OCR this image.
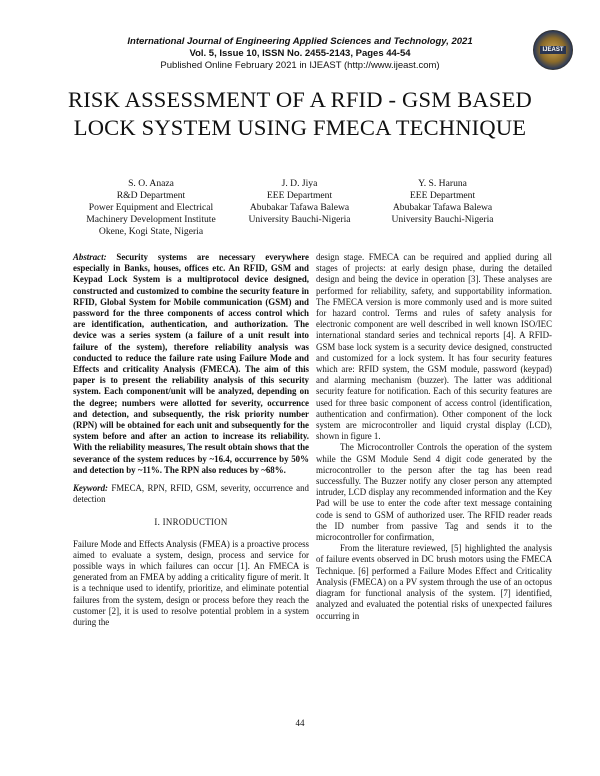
International Journal of Engineering Applied Sciences and Technology, 2021
Vol. 5, Issue 10, ISSN No. 2455-2143, Pages 44-54
Published Online February 2021 in IJEAST (http://www.ijeast.com)
IJEAST
RISK ASSESSMENT OF A RFID - GSM BASED LOCK SYSTEM USING FMECA TECHNIQUE
S. O. Anaza
R&D Department
Power Equipment and Electrical
Machinery Development Institute
Okene, Kogi State, Nigeria
J. D. Jiya
EEE Department
Abubakar Tafawa Balewa
University Bauchi-Nigeria
Y. S. Haruna
EEE Department
Abubakar Tafawa Balewa
University Bauchi-Nigeria

Abstract: Security systems are necessary everywhere especially in Banks, houses, offices etc. An RFID, GSM and Keypad Lock System is a multiprotocol device designed, constructed and customized to combine the security feature in RFID, Global System for Mobile communication (GSM) and password for the three components of access control which are identification, authentication, and authorization. The device was a series system (a failure of a unit result into failure of the system), therefore reliability analysis was conducted to reduce the failure rate using Failure Mode and Effects and criticality Analysis (FMECA). The aim of this paper is to present the reliability analysis of this security system. Each component/unit will be analyzed, depending on the degree; numbers were allotted for severity, occurrence and detection, and subsequently, the risk priority number (RPN) will be obtained for each unit and subsequently for the system before and after an action to increase its reliability. With the reliability measures, The result obtain shows that the severance of the system reduces by ~16.4, occurrence by 50% and detection by ~11%. The RPN also reduces by ~68%.

Keyword: FMECA, RPN, RFID, GSM, severity, occurrence and detection

I. INRODUCTION

Failure Mode and Effects Analysis (FMEA) is a proactive process aimed to evaluate a system, design, process and service for possible ways in which failures can occur [1]. An FMECA is generated from an FMEA by adding a criticality figure of merit. It is a technique used to identify, prioritize, and eliminate potential failures from the system, design or process before they reach the customer [2], it is used to resolve potential problem in a system during the

design stage. FMECA can be required and applied during all stages of projects: at early design phase, during the detailed design and being the device in operation [3]. These analyses are performed for reliability, safety, and supportability information. The FMECA version is more commonly used and is more suited for hazard control. Terms and rules of safety analysis for electronic component are well described in well known ISO/IEC international standard series and technical reports [4]. A RFID-GSM base lock system is a security device designed, constructed and customized for a lock system. It has four security features which are: RFID system, the GSM module, password (keypad) and alarming mechanism (buzzer). The latter was additional security feature for notification. Each of this security features are used for three basic component of access control (identification, authentication and confirmation). Other component of the lock system are microcontroller and liquid crystal display (LCD), shown in figure 1.

The Microcontroller Controls the operation of the system while the GSM Module Send 4 digit code generated by the microcontroller to the person after the tag has been read successfully. The Buzzer notify any closer person any attempted intruder, LCD display any recommended information and the Key Pad will be use to enter the code after text message containing code is send to GSM of authorized user. The RFID reader reads the ID number from passive Tag and sends it to the microcontroller for confirmation,

From the literature reviewed, [5] highlighted the analysis of failure events observed in DC brush motors using the FMECA Technique. [6] performed a Failure Modes Effect and Criticality Analysis (FMECA) on a PV system through the use of an octopus diagram for functional analysis of the system. [7] identified, analyzed and evaluated the potential risks of unexpected failures occurring in

44
